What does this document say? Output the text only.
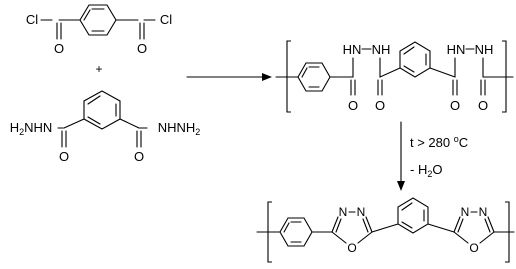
Cl
O	O
Cl
+
$H_2NHN$
O	O
$NHNH_2$
O
HN NH
O	O
HN NH
O
t > 280 $^o$C
- $H_2O$
N N
O
N N
O
